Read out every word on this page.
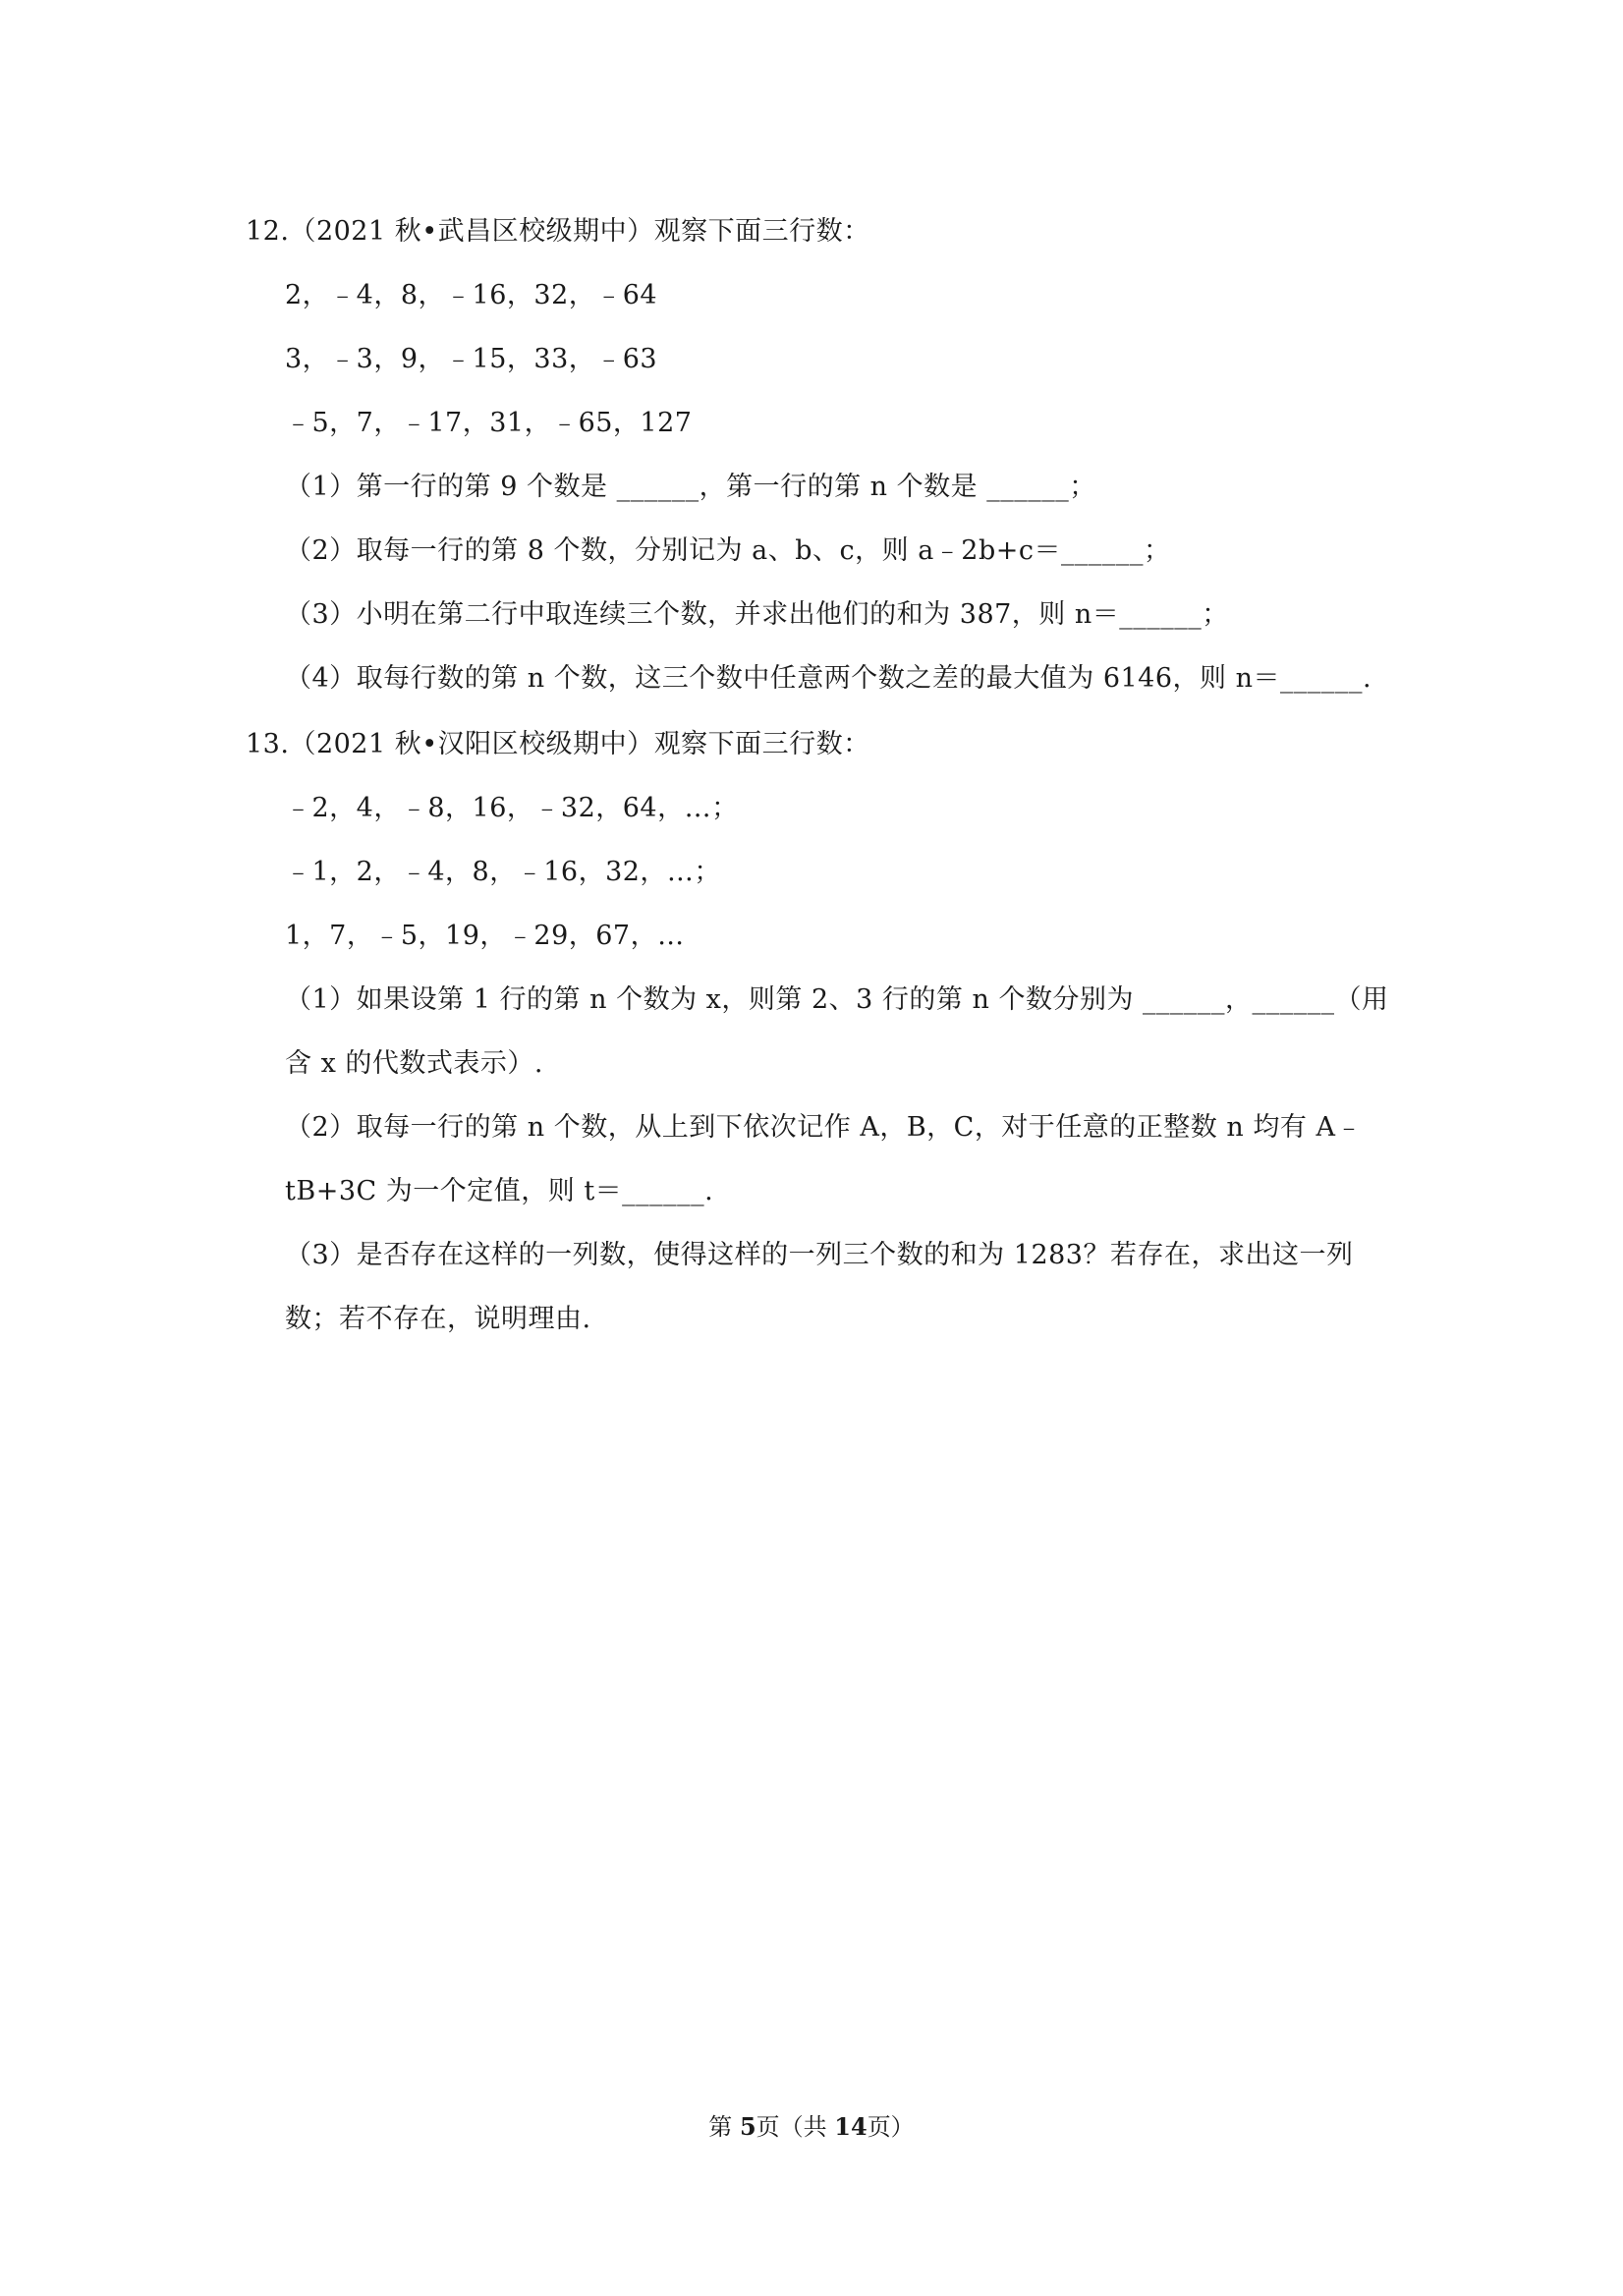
12.（2021 秋•武昌区校级期中）观察下面三行数：
2，﹣4，8，﹣16，32，﹣64
3，﹣3，9，﹣15，33，﹣63
﹣5，7，﹣17，31，﹣65，127
（1）第一行的第 9 个数是 ______，第一行的第 n 个数是 ______；
（2）取每一行的第 8 个数，分别记为 a、b、c，则 a﹣2b+c＝______；
（3）小明在第二行中取连续三个数，并求出他们的和为 387，则 n＝______；
（4）取每行数的第 n 个数，这三个数中任意两个数之差的最大值为 6146，则 n＝______.
13.（2021 秋•汉阳区校级期中）观察下面三行数：
﹣2，4，﹣8，16，﹣32，64，…；
﹣1，2，﹣4，8，﹣16，32，…；
1，7，﹣5，19，﹣29，67，…
（1）如果设第 1 行的第 n 个数为 x，则第 2、3 行的第 n 个数分别为 ______，______（用
含 x 的代数式表示）.
（2）取每一行的第 n 个数，从上到下依次记作 A，B，C，对于任意的正整数 n 均有 A﹣
tB+3C 为一个定值，则 t＝______.
（3）是否存在这样的一列数，使得这样的一列三个数的和为 1283？若存在，求出这一列
数；若不存在，说明理由.
第 5页（共 14页）
